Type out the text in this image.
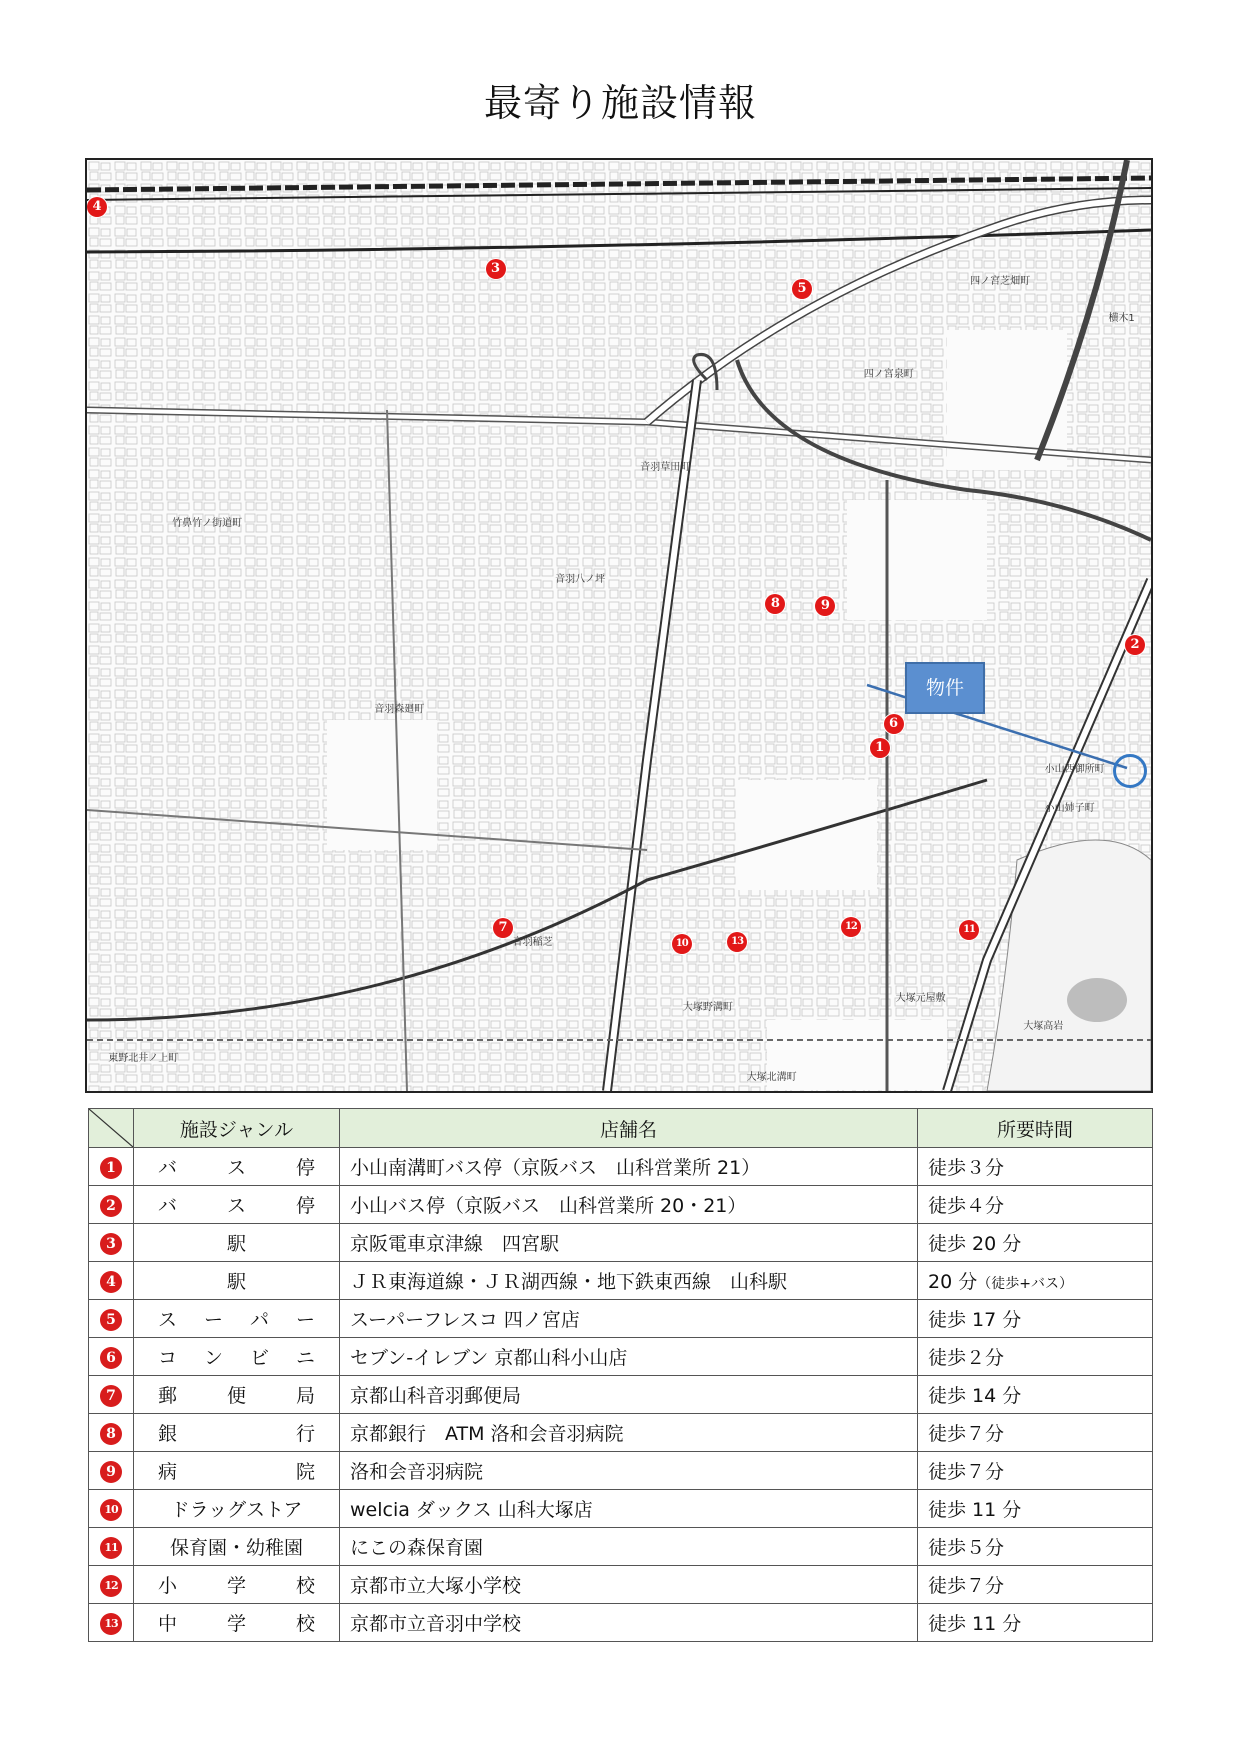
最寄り施設情報
四ノ宮芝畑町
四ノ宮泉町
音羽草田町
音羽八ノ坪
竹鼻竹ノ街道町
小山西御所町
小山姉子町
大塚野溝町
大塚北溝町
大塚元屋敷
東野北井ノ上町
音羽森廻町
音羽稲芝
大塚高岩
横木1
1
2
3
4
5
6
7
8	9
10
11
12
13
物件
	施設ジャンル	店舗名	所要時間
1	バ ス 停	小山南溝町バス停（京阪バス　山科営業所 21）	徒歩３分
2	バ ス 停	小山バス停（京阪バス　山科営業所 20・21）	徒歩４分
3	駅	京阪電車京津線　四宮駅	徒歩 20 分
4	駅	ＪＲ東海道線・ＪＲ湖西線・地下鉄東西線　山科駅	20 分（徒歩+バス）
5	ス ー パ ー	スーパーフレスコ 四ノ宮店	徒歩 17 分
6	コ ン ビ ニ	セブン-イレブン 京都山科小山店	徒歩２分
7	郵 便 局	京都山科音羽郵便局	徒歩 14 分
8	銀 行	京都銀行　ATM 洛和会音羽病院	徒歩７分
9	病 院	洛和会音羽病院	徒歩７分
10	ドラッグストア	welcia ダックス 山科大塚店	徒歩 11 分
11	保育園・幼稚園	にこの森保育園	徒歩５分
12	小 学 校	京都市立大塚小学校	徒歩７分
13	中 学 校	京都市立音羽中学校	徒歩 11 分
